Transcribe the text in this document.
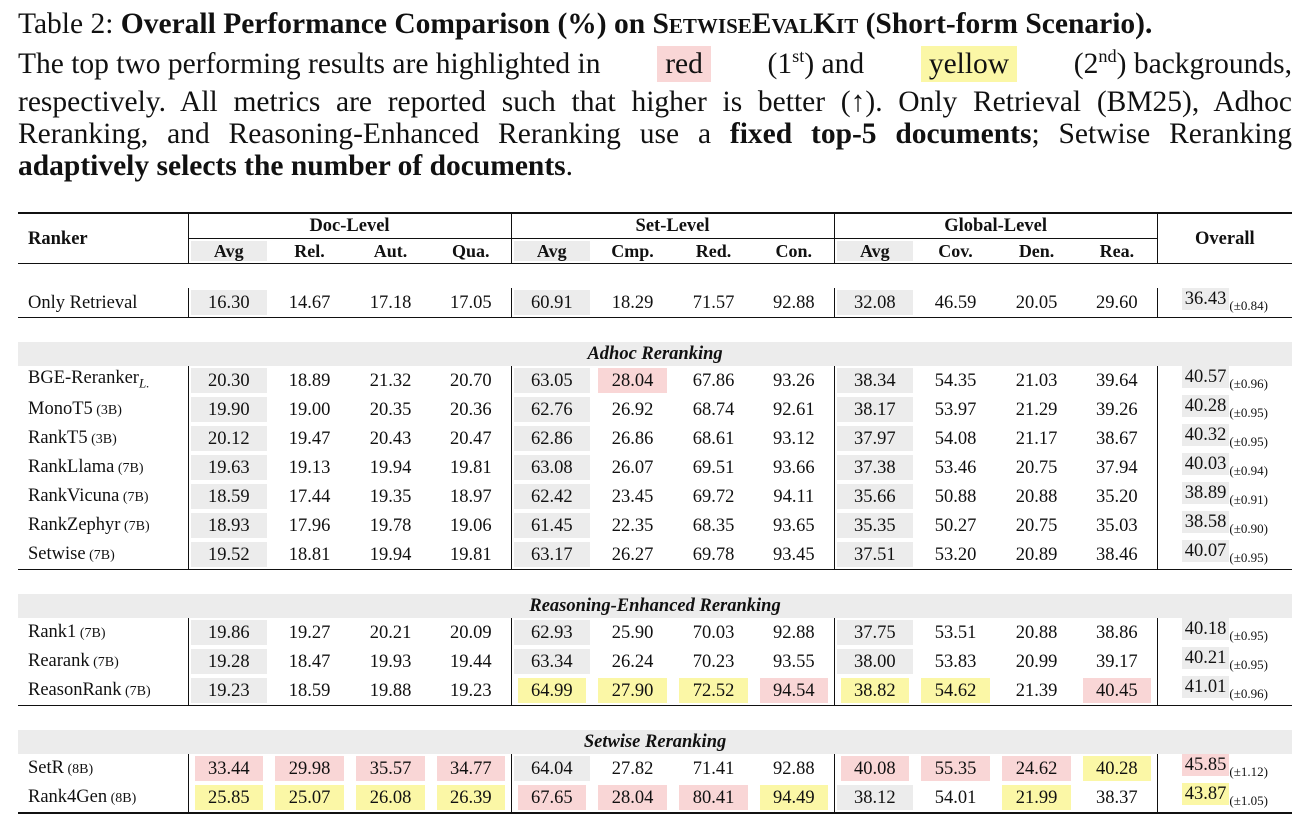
Table 2: Overall Performance Comparison (%) on SetwiseEvalKit (Short-form Scenario).
The top two performing results are highlighted in red (1st) and yellow (2nd) backgrounds,
respectively. All metrics are reported such that higher is better (↑). Only Retrieval (BM25), Adhoc Reranking, and Reasoning-Enhanced Reranking use a fixed top-5 documents; Setwise Reranking adaptively selects the number of documents.
Ranker	Doc-Level				Set-Level				Global-Level				Overall
	Avg	Rel.	Aut.	Qua.	Avg	Cmp.	Red.	Con.	Avg	Cov.	Den.	Rea.	

Only Retrieval	16.30	14.67	17.18	17.05	60.91	18.29	71.57	92.88	32.08	46.59	20.05	29.60	36.43 $_{(\pm 0.84)}$

Adhoc Reranking													
BGE-Reranker$_{L.}$	20.30	18.89	21.32	20.70	63.05	28.04	67.86	93.26	38.34	54.35	21.03	39.64	40.57 $_{(\pm 0.96)}$
MonoT5 (3B)	19.90	19.00	20.35	20.36	62.76	26.92	68.74	92.61	38.17	53.97	21.29	39.26	40.28 $_{(\pm 0.95)}$
RankT5 (3B)	20.12	19.47	20.43	20.47	62.86	26.86	68.61	93.12	37.97	54.08	21.17	38.67	40.32 $_{(\pm 0.95)}$
RankLlama (7B)	19.63	19.13	19.94	19.81	63.08	26.07	69.51	93.66	37.38	53.46	20.75	37.94	40.03 $_{(\pm 0.94)}$
RankVicuna (7B)	18.59	17.44	19.35	18.97	62.42	23.45	69.72	94.11	35.66	50.88	20.88	35.20	38.89 $_{(\pm 0.91)}$
RankZephyr (7B)	18.93	17.96	19.78	19.06	61.45	22.35	68.35	93.65	35.35	50.27	20.75	35.03	38.58 $_{(\pm 0.90)}$
Setwise (7B)	19.52	18.81	19.94	19.81	63.17	26.27	69.78	93.45	37.51	53.20	20.89	38.46	40.07 $_{(\pm 0.95)}$

Reasoning-Enhanced Reranking													
Rank1 (7B)	19.86	19.27	20.21	20.09	62.93	25.90	70.03	92.88	37.75	53.51	20.88	38.86	40.18 $_{(\pm 0.95)}$
Rearank (7B)	19.28	18.47	19.93	19.44	63.34	26.24	70.23	93.55	38.00	53.83	20.99	39.17	40.21 $_{(\pm 0.95)}$
ReasonRank (7B)	19.23	18.59	19.88	19.23	64.99	27.90	72.52	94.54	38.82	54.62	21.39	40.45	41.01 $_{(\pm 0.96)}$

Setwise Reranking													
SetR (8B)	33.44	29.98	35.57	34.77	64.04	27.82	71.41	92.88	40.08	55.35	24.62	40.28	45.85 $_{(\pm 1.12)}$
Rank4Gen (8B)	25.85	25.07	26.08	26.39	67.65	28.04	80.41	94.49	38.12	54.01	21.99	38.37	43.87 $_{(\pm 1.05)}$
